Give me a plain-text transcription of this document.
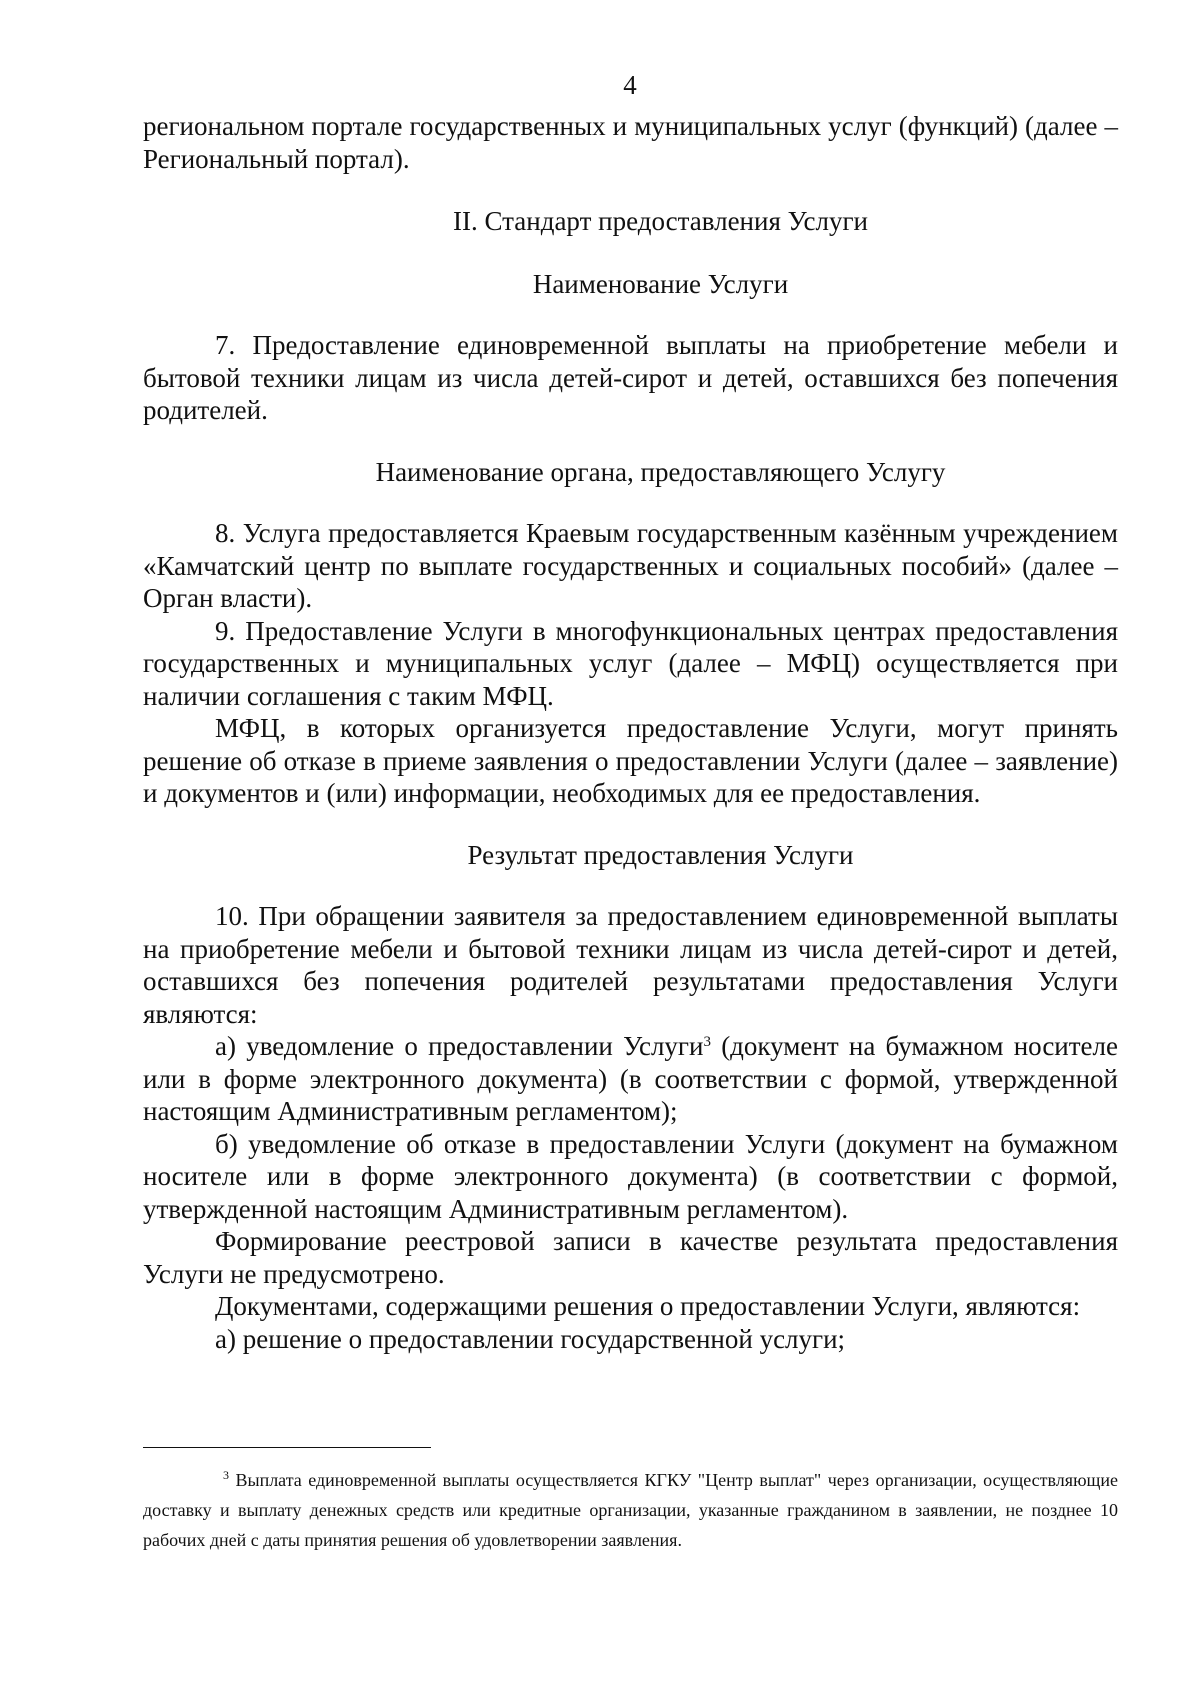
4

региональном портале государственных и муниципальных услуг (функций) (далее – Региональный портал).

II. Стандарт предоставления Услуги

Наименование Услуги

7. Предоставление единовременной выплаты на приобретение мебели и бытовой техники лицам из числа детей-сирот и детей, оставшихся без попечения родителей.

Наименование органа, предоставляющего Услугу

8. Услуга предоставляется Краевым государственным казённым учреждением «Камчатский центр по выплате государственных и социальных пособий» (далее – Орган власти).

9. Предоставление Услуги в многофункциональных центрах предоставления государственных и муниципальных услуг (далее – МФЦ) осуществляется при наличии соглашения с таким МФЦ.

МФЦ, в которых организуется предоставление Услуги, могут принять решение об отказе в приеме заявления о предоставлении Услуги (далее – заявление) и документов и (или) информации, необходимых для ее предоставления.

Результат предоставления Услуги

10. При обращении заявителя за предоставлением единовременной выплаты на приобретение мебели и бытовой техники лицам из числа детей-сирот и детей, оставшихся без попечения родителей результатами предоставления Услуги являются:

а) уведомление о предоставлении Услуги$^3$ (документ на бумажном носителе или в форме электронного документа) (в соответствии с формой, утвержденной настоящим Административным регламентом);

б) уведомление об отказе в предоставлении Услуги (документ на бумажном носителе или в форме электронного документа) (в соответствии с формой, утвержденной настоящим Административным регламентом).

Формирование реестровой записи в качестве результата предоставления Услуги не предусмотрено.

Документами, содержащими решения о предоставлении Услуги, являются:

а) решение о предоставлении государственной услуги;

$^3$ Выплата единовременной выплаты осуществляется КГКУ "Центр выплат" через организации, осуществляющие доставку и выплату денежных средств или кредитные организации, указанные гражданином в заявлении, не позднее 10 рабочих дней с даты принятия решения об удовлетворении заявления.
